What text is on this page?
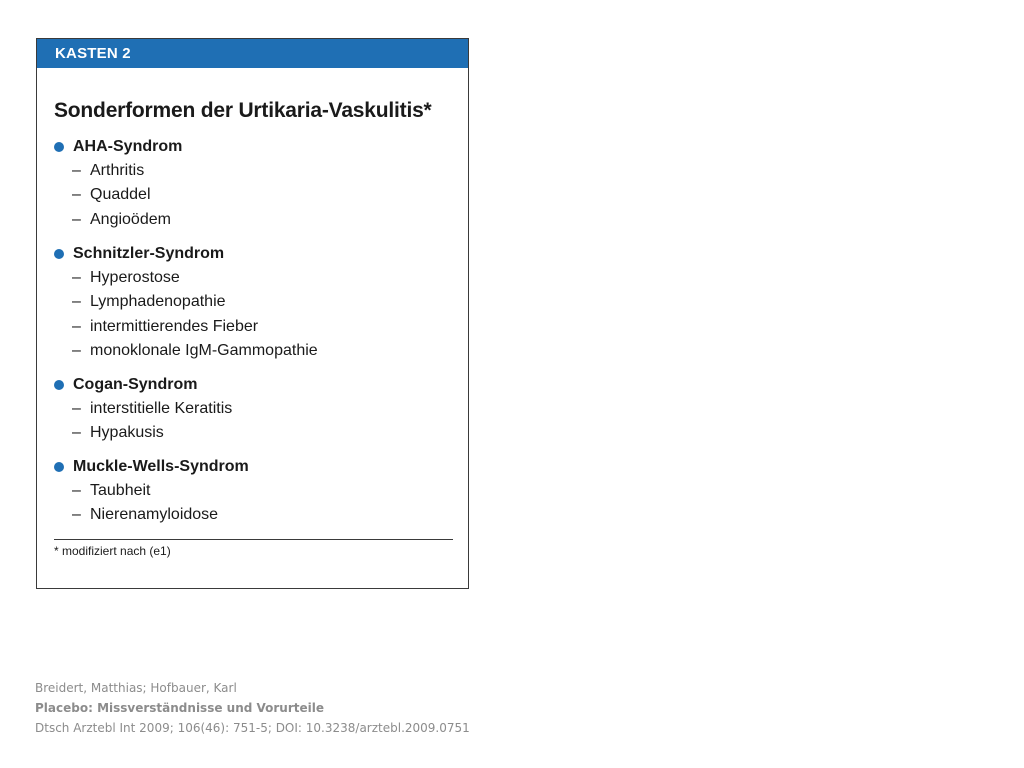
KASTEN 2
Sonderformen der Urtikaria-Vaskulitis*
AHA-Syndrom
– Arthritis
– Quaddel
– Angioödem
Schnitzler-Syndrom
– Hyperostose
– Lymphadenopathie
– intermittierendes Fieber
– monoklonale IgM-Gammopathie
Cogan-Syndrom
– interstitielle Keratitis
– Hypakusis
Muckle-Wells-Syndrom
– Taubheit
– Nierenamyloidose
* modifiziert nach (e1)
Breidert, Matthias; Hofbauer, Karl
Placebo: Missverständnisse und Vorurteile
Dtsch Arztebl Int 2009; 106(46): 751-5; DOI: 10.3238/arztebl.2009.0751
